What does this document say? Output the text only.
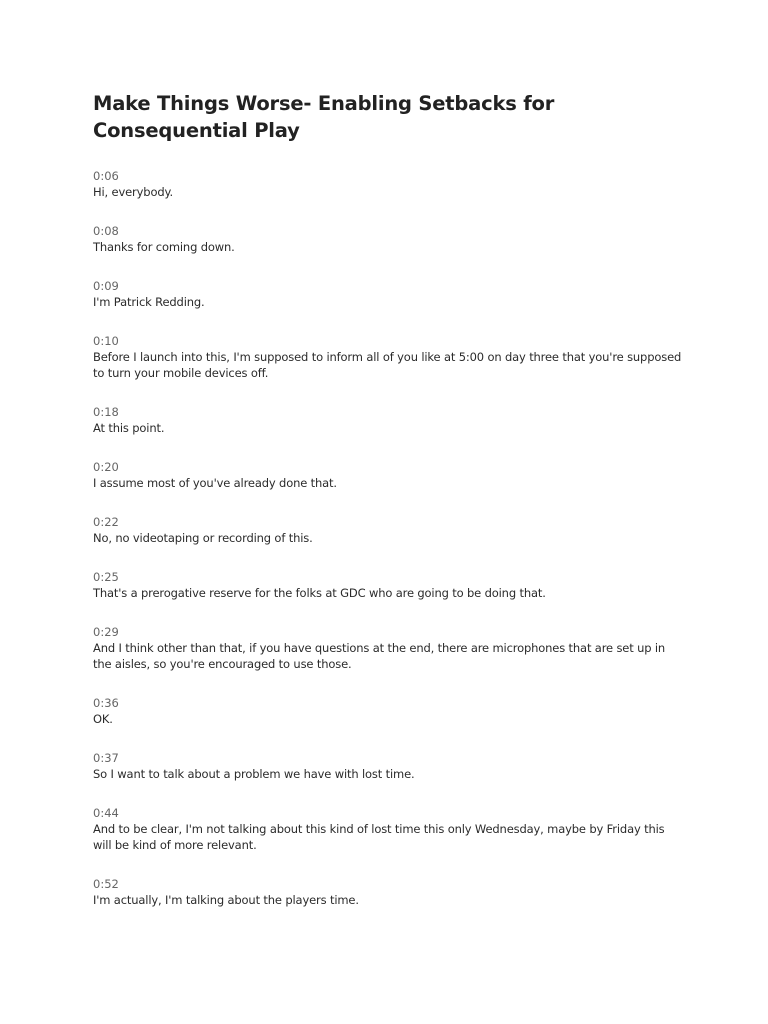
Make Things Worse- Enabling Setbacks for Consequential Play
0:06
Hi, everybody.
0:08
Thanks for coming down.
0:09
I'm Patrick Redding.
0:10
Before I launch into this, I'm supposed to inform all of you like at 5:00 on day three that you're supposed to turn your mobile devices off.
0:18
At this point.
0:20
I assume most of you've already done that.
0:22
No, no videotaping or recording of this.
0:25
That's a prerogative reserve for the folks at GDC who are going to be doing that.
0:29
And I think other than that, if you have questions at the end, there are microphones that are set up in the aisles, so you're encouraged to use those.
0:36
OK.
0:37
So I want to talk about a problem we have with lost time.
0:44
And to be clear, I'm not talking about this kind of lost time this only Wednesday, maybe by Friday this will be kind of more relevant.
0:52
I'm actually, I'm talking about the players time.
